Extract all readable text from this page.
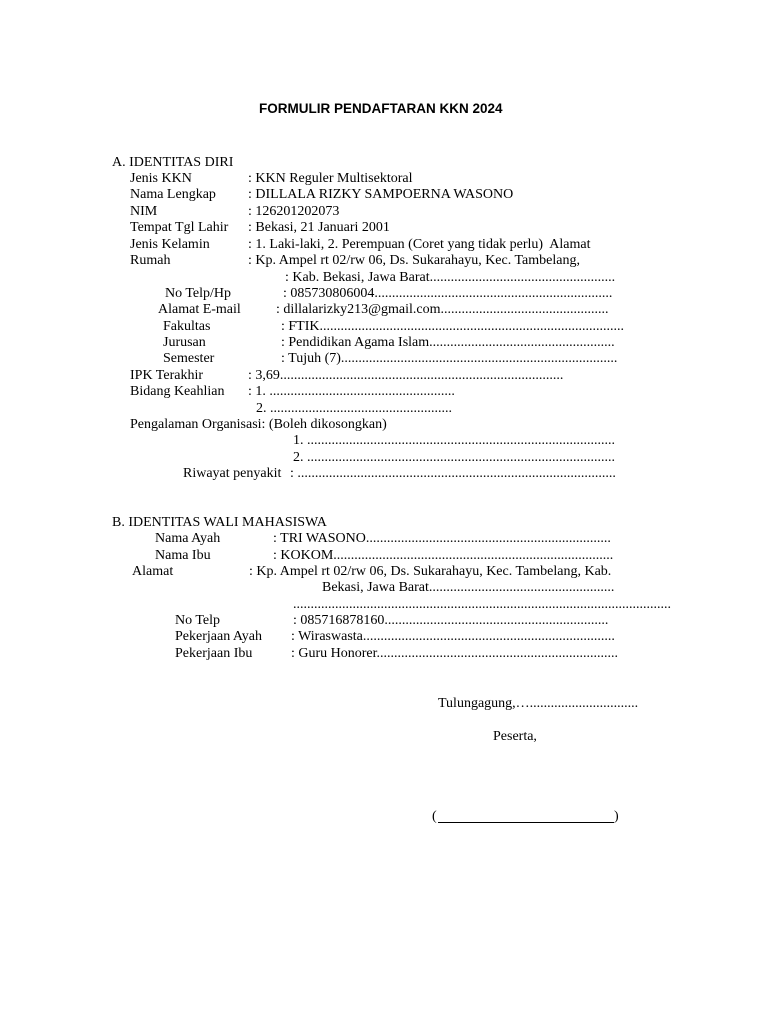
FORMULIR PENDAFTARAN KKN 2024
A. IDENTITAS DIRI
Jenis KKN	: KKN Reguler Multisektoral
Nama Lengkap : DILLALA RIZKY SAMPOERNA WASONO
NIM	: 126201202073
Tempat Tgl Lahir : Bekasi, 21 Januari 2001
Jenis Kelamin	: 1. Laki-laki, 2. Perempuan (Coret yang tidak perlu)  Alamat
Rumah	: Kp. Ampel rt 02/rw 06, Ds. Sukarahayu, Kec. Tambelang,
: Kab. Bekasi, Jawa Barat.....................................................
No Telp/Hp	: 085730806004....................................................................
Alamat E-mail	: dillalarizky213@gmail.com................................................
Fakultas	: FTIK.......................................................................................
Jurusan	: Pendidikan Agama Islam.....................................................
Semester	: Tujuh (7)...............................................................................
IPK Terakhir	: 3,69.................................................................................
Bidang Keahlian : 1. .....................................................
2. ....................................................
Pengalaman Organisasi: (Boleh dikosongkan)
1. ........................................................................................
2. ........................................................................................
Riwayat penyakit : ...........................................................................................
B. IDENTITAS WALI MAHASISWA
Nama Ayah	: TRI WASONO......................................................................
Nama Ibu	: KOKOM................................................................................
Alamat	: Kp. Ampel rt 02/rw 06, Ds. Sukarahayu, Kec. Tambelang, Kab.
Bekasi, Jawa Barat.....................................................
............................................................................................................
No Telp	: 085716878160................................................................
Pekerjaan Ayah : Wiraswasta........................................................................
Pekerjaan Ibu	: Guru Honorer.....................................................................
Tulungagung,…...............................
Peserta,
(	)
